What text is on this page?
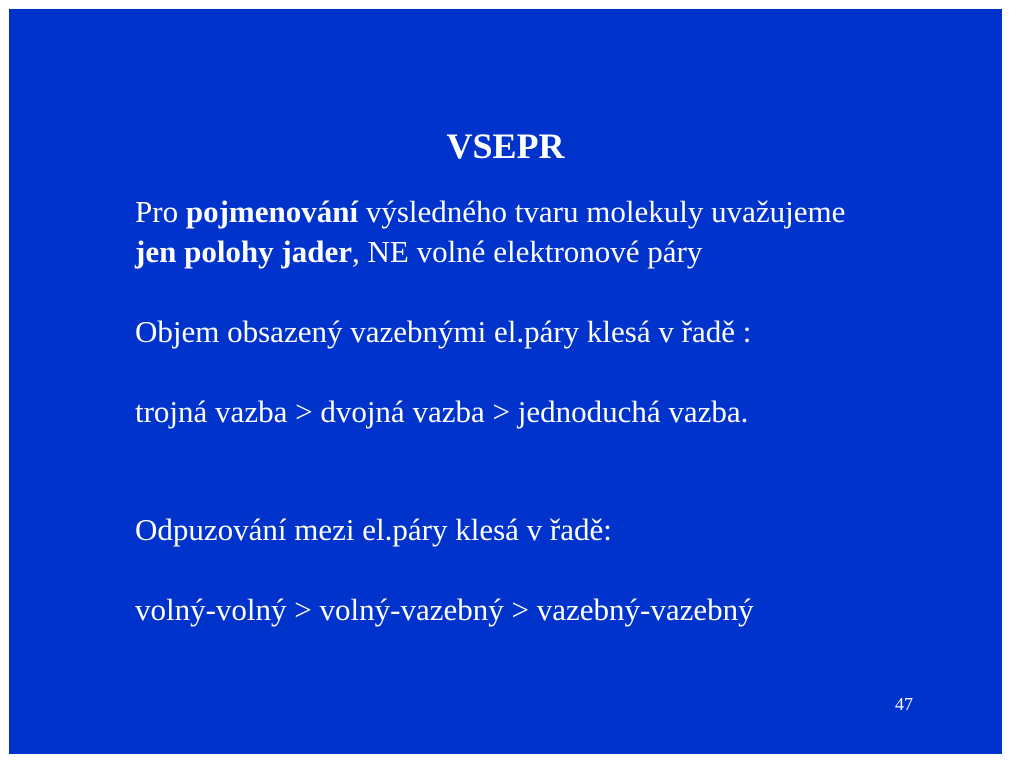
VSEPR
Pro pojmenování výsledného tvaru molekuly uvažujeme
jen polohy jader, NE volné elektronové páry
Objem obsazený vazebnými el.páry klesá v řadě :
trojná vazba > dvojná vazba > jednoduchá vazba.
Odpuzování mezi el.páry klesá v řadě:
volný-volný > volný-vazebný > vazebný-vazebný
47
